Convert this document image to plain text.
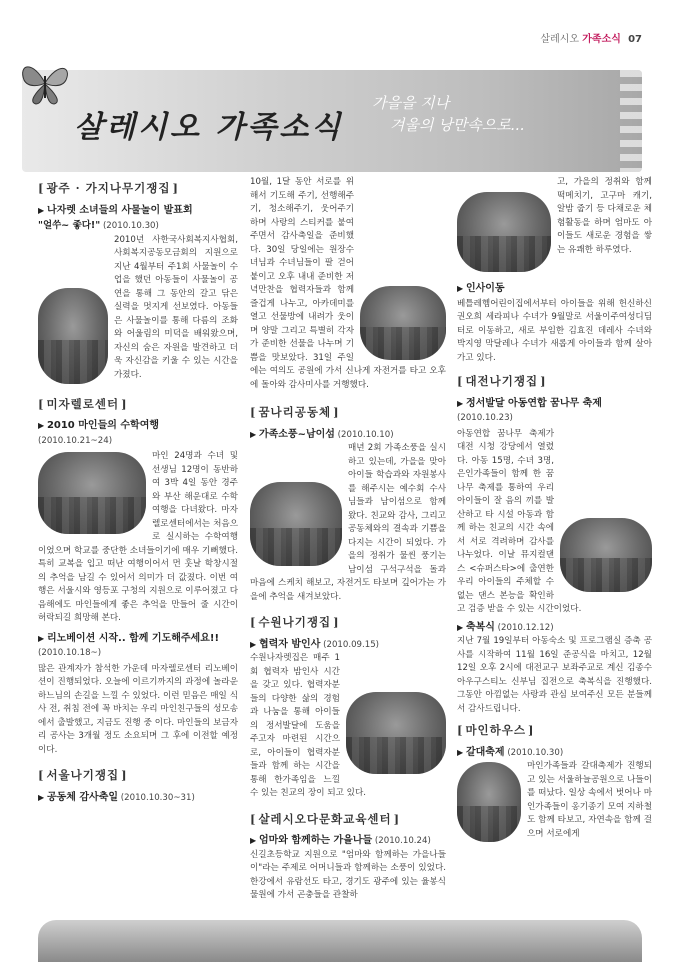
살레시오 가족소식 07
살레시오 가족소식
가을을 지나
겨울의 낭만속으로...
[ 광주 · 가지나무기쟁집 ]
▶ 나자렛 소녀들의 사물놀이 발표회
"얼쑤~ 좋다!" (2010.10.30)

2010년 사한국사회복지사협회, 사회복지공동모금회의 지원으로 지난 4월부터 주1회 사물놀이 수업을 했던 아동들이 사물놀이 공연을 통해 그 동안의 갈고 닦은 실력을 멋지게 선보였다. 아동들은 사물놀이를 통해 다름의 조화와 어울림의 미덕을 배워왔으며, 자신의 숨은 자원을 발견하고 더욱 자신감을 키울 수 있는 시간을 가졌다.

[ 미자렐로센터 ]
▶ 2010 마인들의 수학여행
(2010.10.21~24)

마인 24명과 수녀 및 선생님 12명이 동반하여 3박 4일 동안 경주와 부산 해운대로 수학여행을 다녀왔다. 마자렐로센터에서는 처음으로 실시하는 수학여행이었으며 학교를 중단한 소녀들이기에 매우 기뻐했다. 특히 교복을 입고 떠난 여행이어서 먼 훗날 학창시절의 추억을 남길 수 있어서 의미가 더 값졌다. 이번 여행은 서울시와 영등포 구청의 지원으로 이루어졌고 다음해에도 마인들에게 좋은 추억을 만들어 줄 시간이 허락되길 희망해 본다.

▶ 리노베이션 시작.. 함께 기도해주세요!!
(2010.10.18~)

많은 관계자가 참석한 가운데 마자렐로센터 리노베이션이 진행되었다. 오늘에 이르기까지의 과정에 놀라운 하느님의 손길을 느낄 수 있었다. 이런 믿음은 매일 식사 전, 취침 전에 꼭 바치는 우리 마인친구들의 성모송에서 출발했고, 지금도 진행 중 이다. 마인들의 보금자리 공사는 3개월 정도 소요되며 그 후에 이전할 예정이다.

[ 서울나기쟁집 ]
▶ 공동체 감사축일 (2010.10.30~31)

10월, 1달 동안 서로를 위해서 기도해 주기, 선행해주기, 청소해주기, 웃어주기 하며 사랑의 스티커를 붙여주면서 감사축일을 준비했다. 30일 당일에는 원장수녀님과 수녀님들이 팔 걷어붙이고 오후 내내 준비한 저녁만찬을 협력자들과 함께 즐겁게 나누고, 아카데미를 열고 선물방에 내려가 웃이며 양말 그리고 특별히 각자가 준비한 선물을 나누며 기쁨을 맛보았다. 31일 주일에는 여의도 공원에 가서 신나게 자전거를 타고 오후에 돌아와 감사미사를 거행했다.

[ 꿈나리공동체 ]
▶ 가족소풍~남이섬 (2010.10.10)

매년 2회 가족소풍을 실시하고 있는데, 가을을 맞아 아이들 학습과와 자원봉사를 해주시는 예수회 수사님들과 남이섬으로 함께 왔다. 친교와 감사, 그리고 공동체와의 결속과 기쁨을 다지는 시간이 되었다. 가을의 정취가 물씬 풍기는 남이섬 구석구석을 돌과 마음에 스케치 해보고, 자전거도 타보며 깊어가는 가을에 추억을 새겨보았다.

[ 수원나기쟁집 ]
▶ 협력자 밤인사 (2010.09.15)

수원나자렛집은 매주 1회 협력자 밤인사 시간을 갖고 있다. 협력자분들의 다양한 삶의 경험과 나눔을 통해 아이들의 정서발달에 도움을 주고자 마련된 시간으로, 아이들이 협력자분들과 함께 하는 시간을 통해 한가족임을 느낄 수 있는 친교의 장이 되고 있다.

[ 살레시오다문화교육센터 ]
▶ 엄마와 함께하는 가을나들 (2010.10.24)

신길초등학교 지원으로 "엄마와 함께하는 가을나들이"라는 주제로 어머니들과 함께하는 소풍이 있었다. 한강에서 유람선도 타고, 경기도 광주에 있는 율봉식물원에 가서 곤충들을 관찰하

고, 가을의 정취와 함께 떡메치기, 고구마 캐기, 알밤 줍기 등 다채로운 체험활동을 하며 엄마도 아이들도 새로운 경험을 쌓는 유쾌한 하루였다.

▶ 인사이동

베틀레헴어린이집에서부터 아이들을 위해 헌신하신 권오희 세라피나 수녀가 9월말로 서울이주여성디딤터로 이동하고, 새로 부임한 김효진 데레사 수녀와 박지영 막달레나 수녀가 새롭게 아이들과 함께 살아가고 있다.

[ 대전나기쟁집 ]
▶ 정서발달 아동연합 꿈나무 축제
(2010.10.23)

아동연합 꿈나무 축제가 대전 시청 강당에서 열렸다. 아동 15명, 수녀 3명, 은인가족들이 함께 한 꿈나무 축제를 통하여 우리 아이들이 잘 음의 끼를 발산하고 타 시설 아동과 함께 하는 친교의 시간 속에서 서로 격려하며 감사를 나누었다. 이날 뮤지컬댄스 <슈퍼스타>에 출연한 우리 아이들의 주체할 수 없는 댄스 본능을 확인하고 검증 받을 수 있는 시간이었다.

▶ 축복식 (2010.12.12)

지난 7월 19일부터 아동숙소 및 프로그램실 증축 공사를 시작하여 11월 16일 준공식을 마치고, 12월 12일 오후 2시에 대전교구 보좌주교로 계신 김종수 아우구스티노 신부님 집전으로 축복식을 진행했다. 그동안 아낌없는 사랑과 관심 보여주신 모든 분들께서 감사드립니다.

[ 마인하우스 ]
▶ 갈대축제 (2010.10.30)

마인가족들과 갈대축제가 진행되고 있는 서울하늘공원으로 나들이를 떠났다. 일상 속에서 벗어나 마인가족들이 옹기종기 모여 지하철도 함께 타보고, 자연속을 함께 걸으며 서로에게
